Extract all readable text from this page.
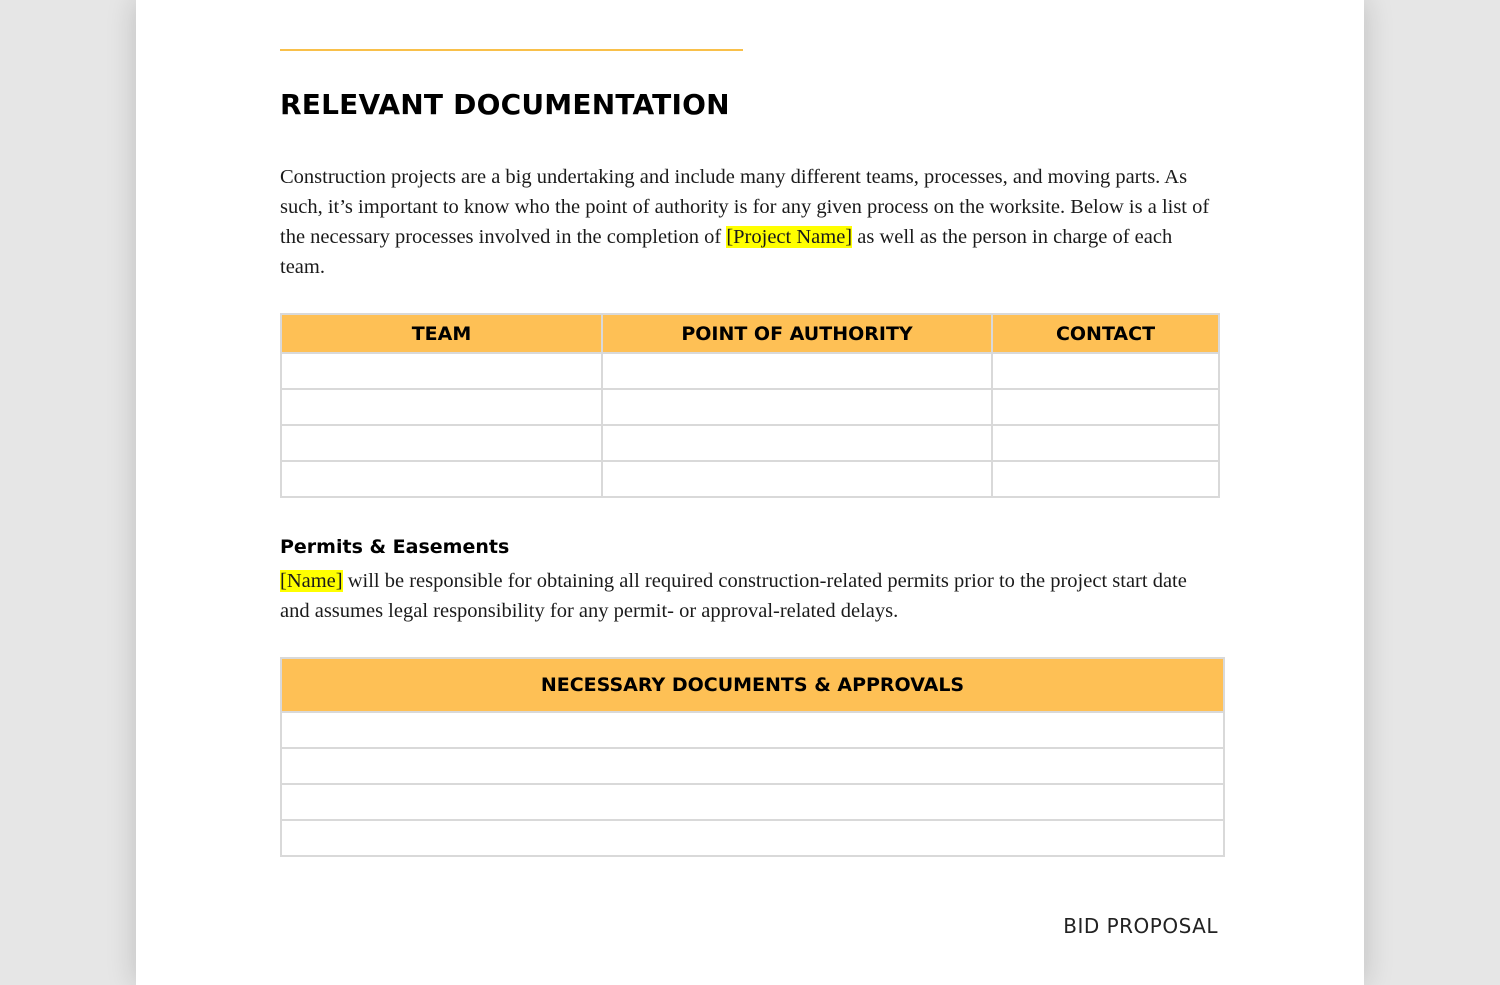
RELEVANT DOCUMENTATION

Construction projects are a big undertaking and include many different teams, processes, and moving parts. As such, it’s important to know who the point of authority is for any given process on the worksite. Below is a list of the necessary processes involved in the completion of [Project Name] as well as the person in charge of each team.

TEAM	POINT OF AUTHORITY	CONTACT

Permits & Easements

[Name] will be responsible for obtaining all required construction-related permits prior to the project start date and assumes legal responsibility for any permit- or approval-related delays.

NECESSARY DOCUMENTS & APPROVALS

BID PROPOSAL
